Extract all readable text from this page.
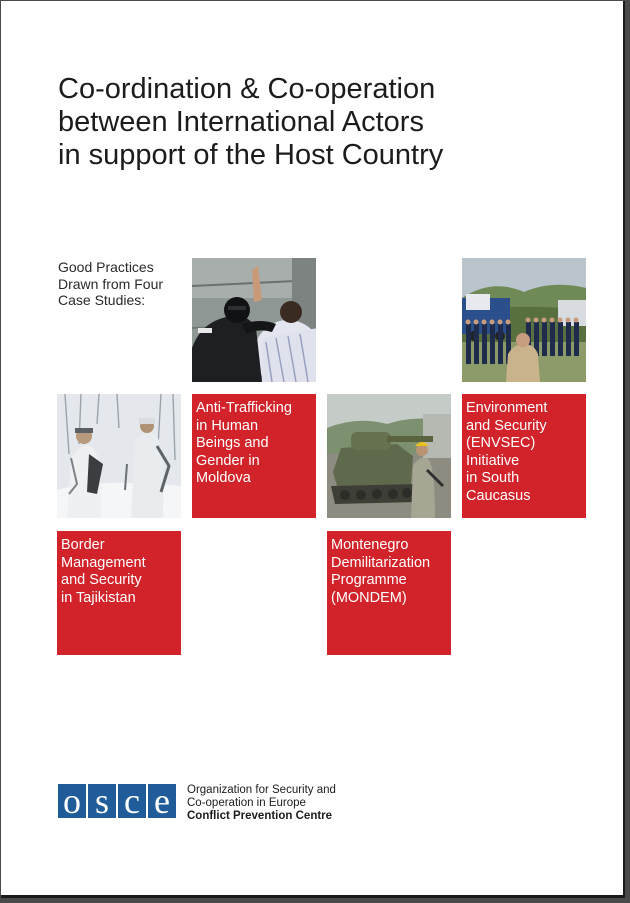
Co-ordination & Co-operation
between International Actors
in support of the Host Country
Good Practices
Drawn from Four
Case Studies:
Anti-Trafficking
in Human
Beings and
Gender in
Moldova
Environment
and Security
(ENVSEC)
Initiative
in South
Caucasus
Border
Management
and Security
in Tajikistan
Montenegro
Demilitarization
Programme
(MONDEM)
o s c e	Organization for Security and
Co-operation in Europe
Conflict Prevention Centre
